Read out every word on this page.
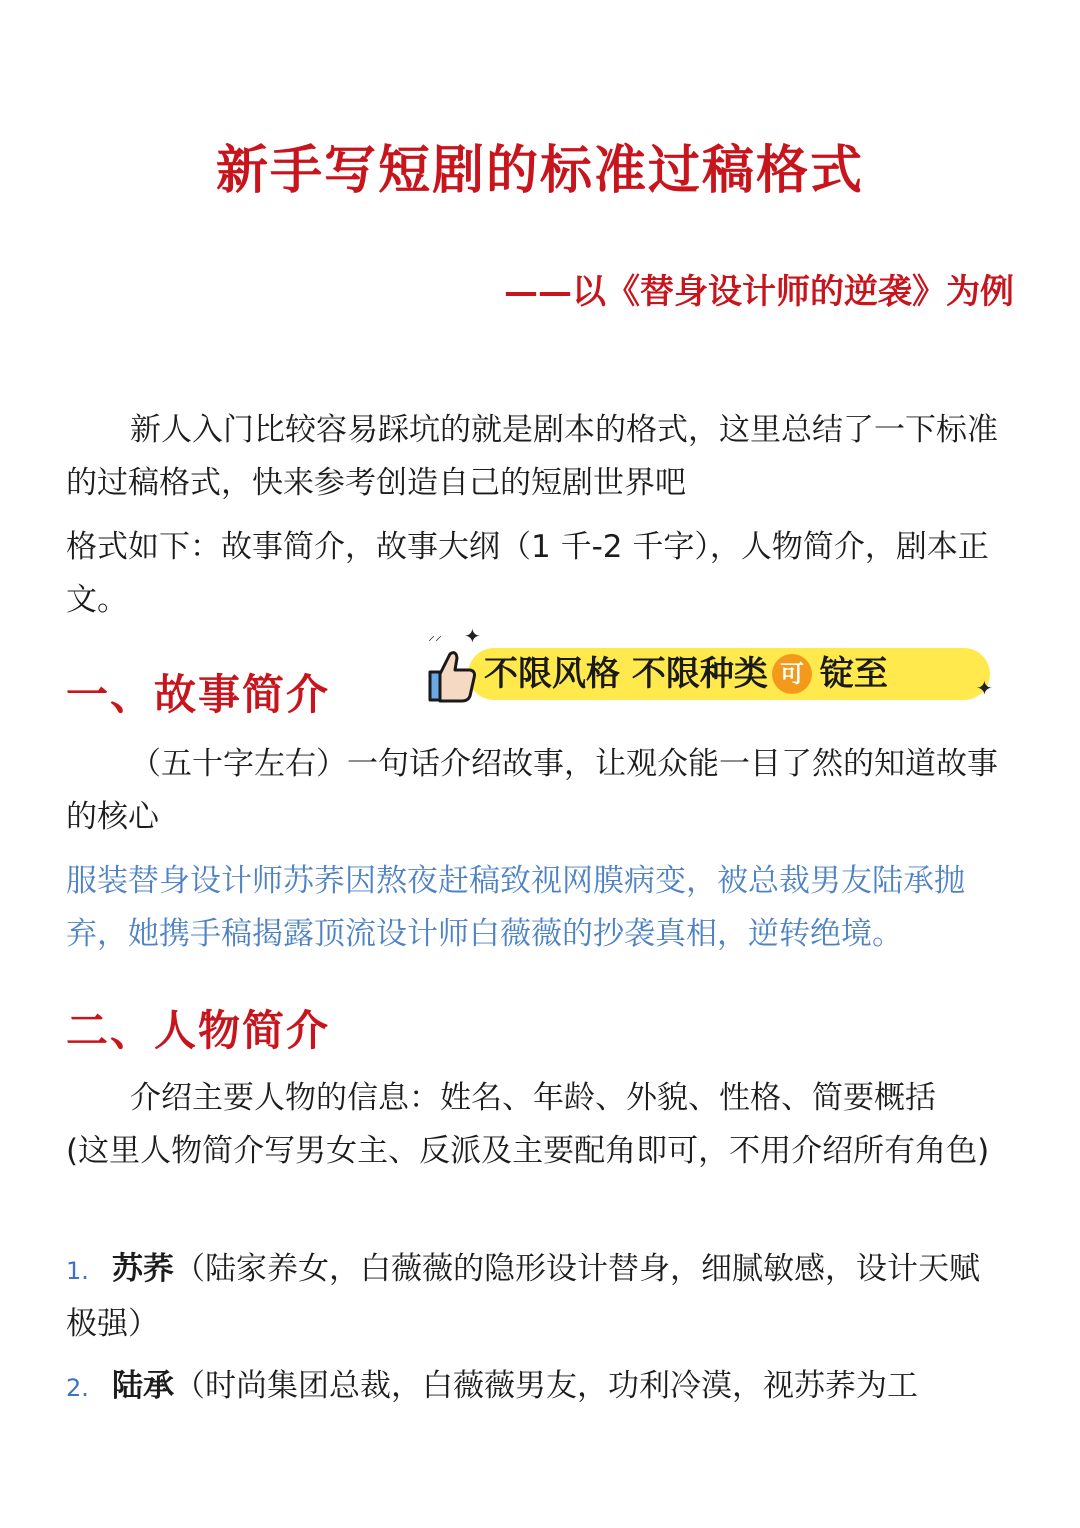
新手写短剧的标准过稿格式
——以《替身设计师的逆袭》为例
新人入门比较容易踩坑的就是剧本的格式，这里总结了一下标准的过稿格式，快来参考创造自己的短剧世界吧
格式如下：故事简介，故事大纲（1 千-2 千字），人物简介，剧本正文。
一、故事简介
⸝⸝ ✦
✦
不限风格 不限种类 可 锭至
（五十字左右）一句话介绍故事，让观众能一目了然的知道故事的核心
服装替身设计师苏荞因熬夜赶稿致视网膜病变，被总裁男友陆承抛弃，她携手稿揭露顶流设计师白薇薇的抄袭真相，逆转绝境。
二、人物简介
介绍主要人物的信息：姓名、年龄、外貌、性格、简要概括
(这里人物简介写男女主、反派及主要配角即可，不用介绍所有角色)
1. 苏荞（陆家养女，白薇薇的隐形设计替身，细腻敏感，设计天赋极强）
2. 陆承（时尚集团总裁，白薇薇男友，功利冷漠，视苏荞为工
